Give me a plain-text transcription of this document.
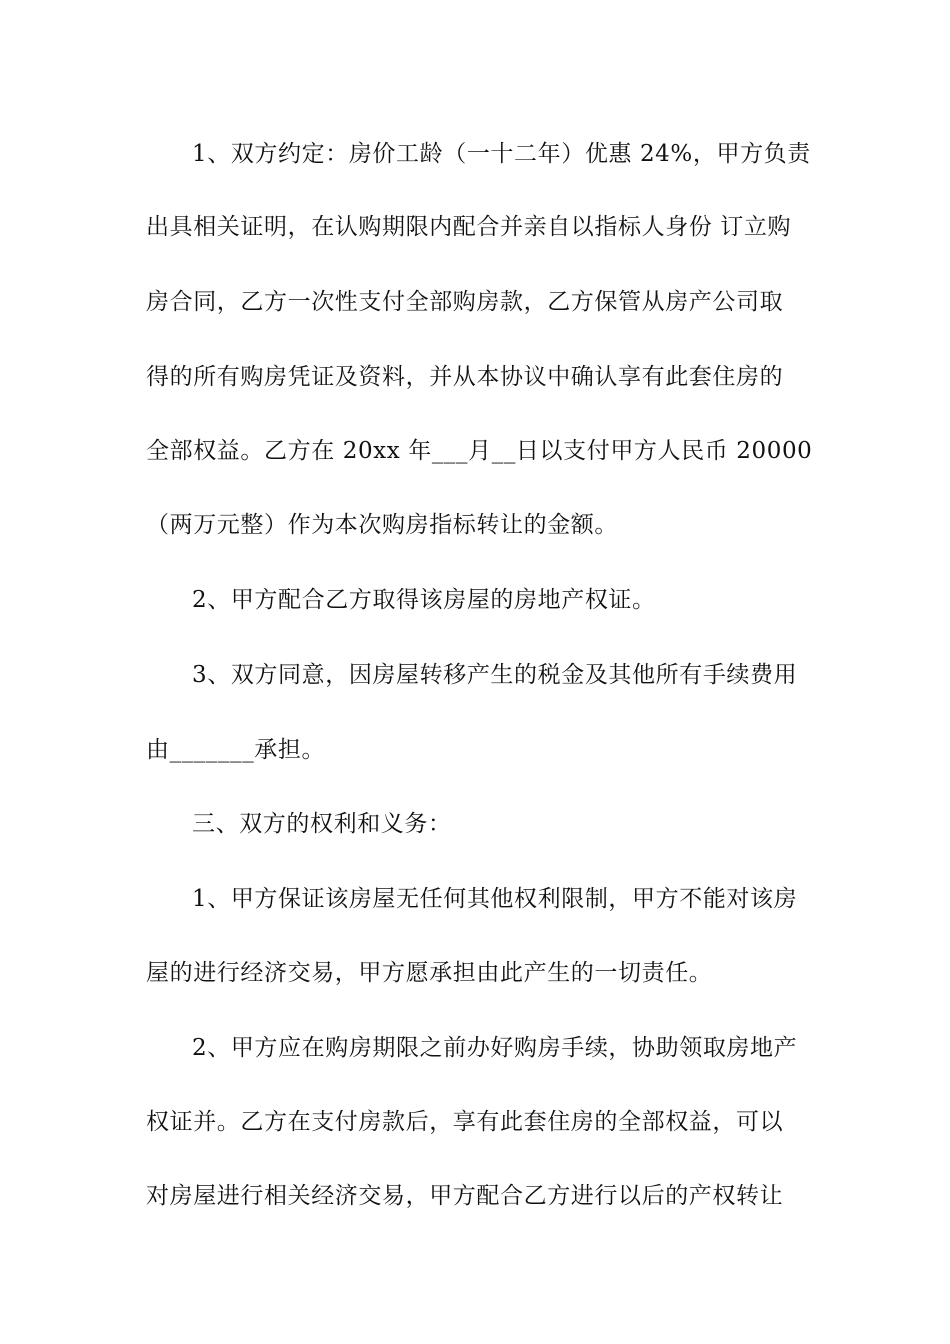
1、双方约定：房价工龄（一十二年）优惠 24%，甲方负责
出具相关证明，在认购期限内配合并亲自以指标人身份 订立购
房合同，乙方一次性支付全部购房款，乙方保管从房产公司取
得的所有购房凭证及资料，并从本协议中确认享有此套住房的
全部权益。乙方在 20xx 年___月__日以支付甲方人民币 20000
（两万元整）作为本次购房指标转让的金额。
2、甲方配合乙方取得该房屋的房地产权证。
3、双方同意，因房屋转移产生的税金及其他所有手续费用
由_______承担。
三、双方的权利和义务：
1、甲方保证该房屋无任何其他权利限制，甲方不能对该房
屋的进行经济交易，甲方愿承担由此产生的一切责任。
2、甲方应在购房期限之前办好购房手续，协助领取房地产
权证并。乙方在支付房款后，享有此套住房的全部权益，可以
对房屋进行相关经济交易，甲方配合乙方进行以后的产权转让
